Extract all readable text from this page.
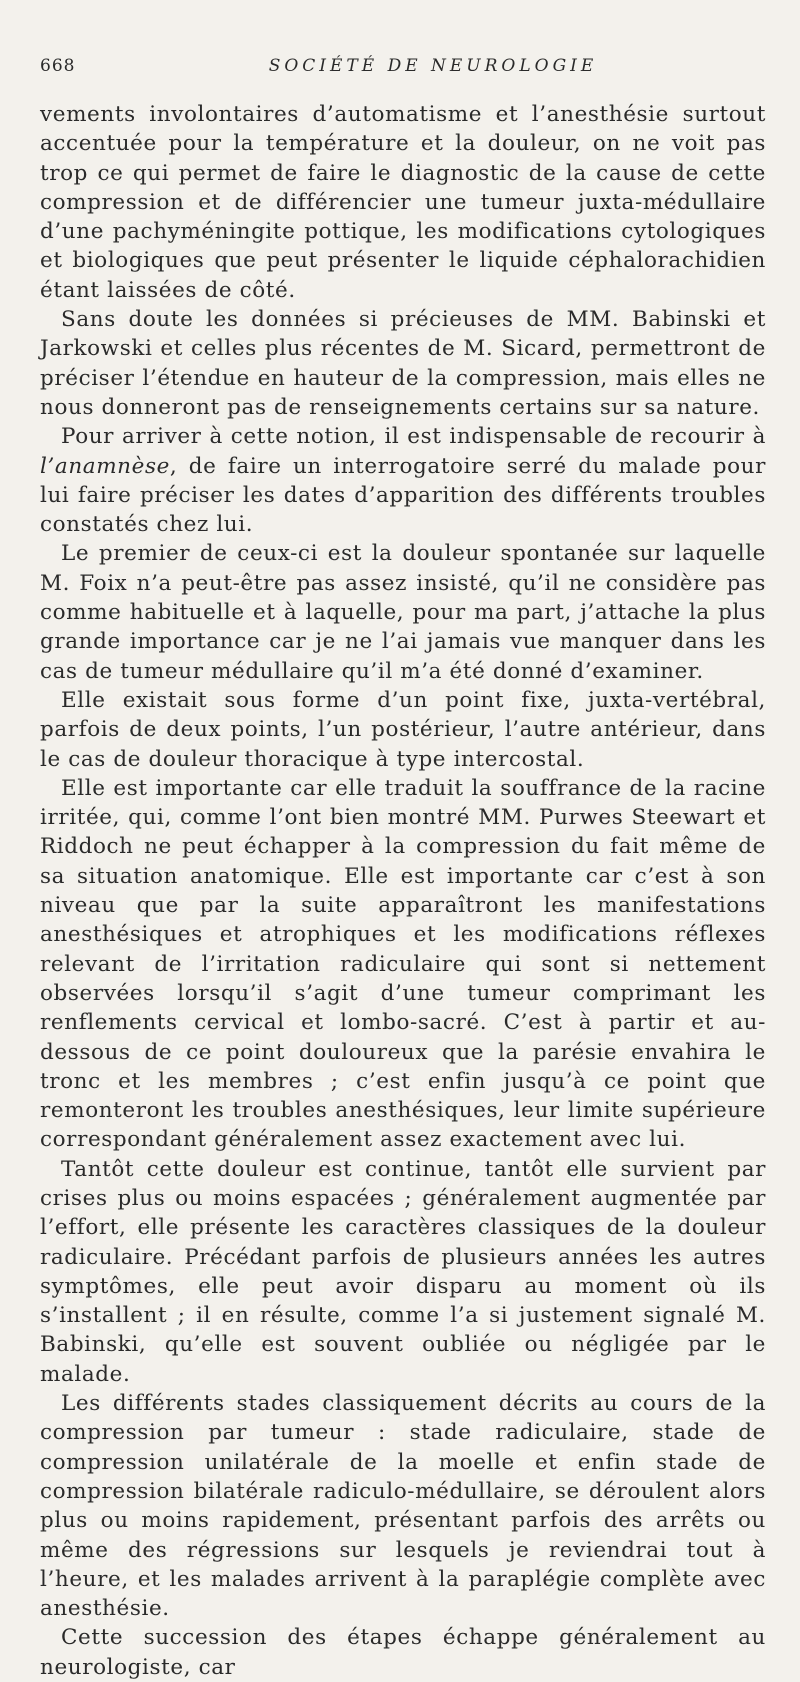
668	SOCIÉTÉ DE NEUROLOGIE

vements involontaires d’automatisme et l’anesthésie surtout accentuée pour la température et la douleur, on ne voit pas trop ce qui permet de faire le diagnostic de la cause de cette compression et de différencier une tumeur juxta-médullaire d’une pachyméningite pottique, les modifications cytologiques et biologiques que peut présenter le liquide céphalorachidien étant laissées de côté.

Sans doute les données si précieuses de MM. Babinski et Jarkowski et celles plus récentes de M. Sicard, permettront de préciser l’étendue en hauteur de la compression, mais elles ne nous donneront pas de renseignements certains sur sa nature.

Pour arriver à cette notion, il est indispensable de recourir à l’anamnèse, de faire un interrogatoire serré du malade pour lui faire préciser les dates d’apparition des différents troubles constatés chez lui.

Le premier de ceux-ci est la douleur spontanée sur laquelle M. Foix n’a peut-être pas assez insisté, qu’il ne considère pas comme habituelle et à laquelle, pour ma part, j’attache la plus grande importance car je ne l’ai jamais vue manquer dans les cas de tumeur médullaire qu’il m’a été donné d’examiner.

Elle existait sous forme d’un point fixe, juxta-vertébral, parfois de deux points, l’un postérieur, l’autre antérieur, dans le cas de douleur thoracique à type intercostal.

Elle est importante car elle traduit la souffrance de la racine irritée, qui, comme l’ont bien montré MM. Purwes Steewart et Riddoch ne peut échapper à la compression du fait même de sa situation anatomique. Elle est importante car c’est à son niveau que par la suite apparaîtront les manifestations anesthésiques et atrophiques et les modifications réflexes relevant de l’irritation radiculaire qui sont si nettement observées lorsqu’il s’agit d’une tumeur comprimant les renflements cervical et lombo-sacré. C’est à partir et au-dessous de ce point douloureux que la parésie envahira le tronc et les membres ; c’est enfin jusqu’à ce point que remonteront les troubles anesthésiques, leur limite supérieure correspondant généralement assez exactement avec lui.

Tantôt cette douleur est continue, tantôt elle survient par crises plus ou moins espacées ; généralement augmentée par l’effort, elle présente les caractères classiques de la douleur radiculaire. Précédant parfois de plusieurs années les autres symptômes, elle peut avoir disparu au moment où ils s’installent ; il en résulte, comme l’a si justement signalé M. Babinski, qu’elle est souvent oubliée ou négligée par le malade.

Les différents stades classiquement décrits au cours de la compression par tumeur : stade radiculaire, stade de compression unilatérale de la moelle et enfin stade de compression bilatérale radiculo-médullaire, se déroulent alors plus ou moins rapidement, présentant parfois des arrêts ou même des régressions sur lesquels je reviendrai tout à l’heure, et les malades arrivent à la paraplégie complète avec anesthésie.

Cette succession des étapes échappe généralement au neurologiste, car
